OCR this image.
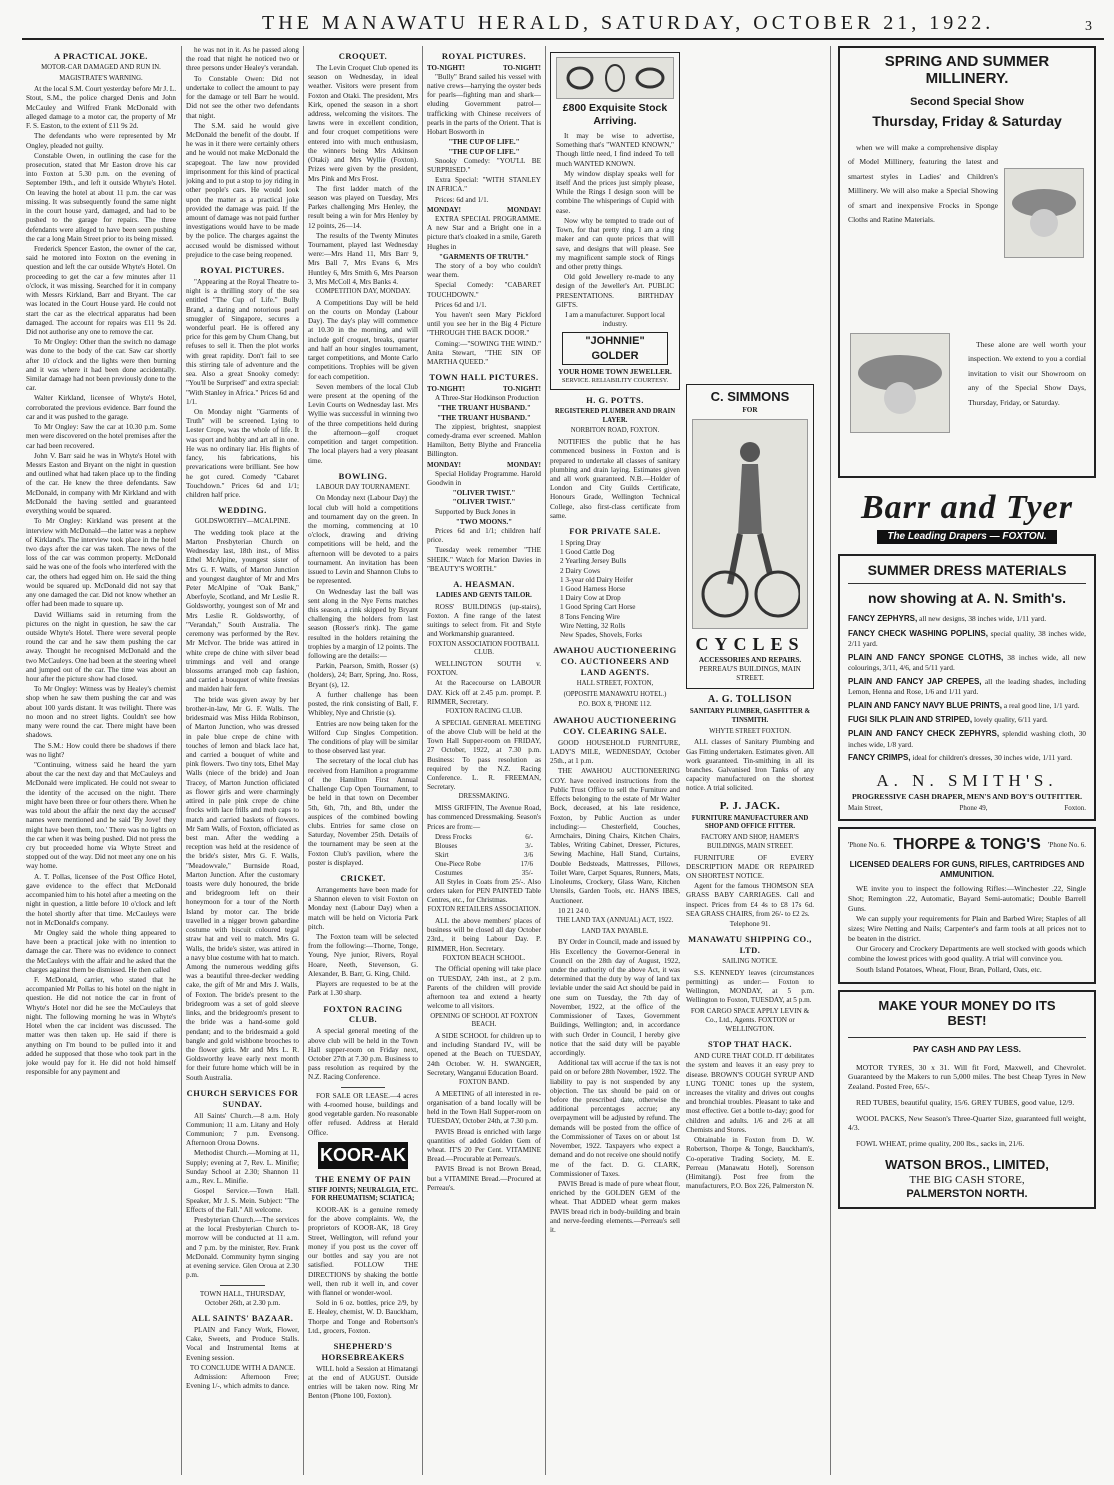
THE MANAWATU HERALD, SATURDAY, OCTOBER 21, 1922.	3
A PRACTICAL JOKE.
MOTOR-CAR DAMAGED AND RUN IN.
MAGISTRATE'S WARNING.

At the local S.M. Court yesterday before Mr J. L. Stout, S.M., the police charged Denis and John McCauley and Wilfred Frank McDonald with alleged damage to a motor car, the property of Mr F. S. Easton, to the extent of £11 9s 2d.

The defendants who were represented by Mr Ongley, pleaded not guilty.

Constable Owen, in outlining the case for the prosecution, stated that Mr Easton drove his car into Foxton at 5.30 p.m. on the evening of September 19th., and left it outside Whyte's Hotel. On leaving the hotel at about 11 p.m. the car was missing. It was subsequently found the same night in the court house yard, damaged, and had to be pushed to the garage for repairs. The three defendants were alleged to have been seen pushing the car a long Main Street prior to its being missed.

Frederick Spencer Easton, the owner of the car, said he motored into Foxton on the evening in question and left the car outside Whyte's Hotel. On proceeding to get the car a few minutes after 11 o'clock, it was missing. Searched for it in company with Messrs Kirkland, Barr and Bryant. The car was located in the Court House yard. He could not start the car as the electrical apparatus had been damaged. The account for repairs was £11 9s 2d. Did not authorise any one to remove the car.

To Mr Ongley: Other than the switch no damage was done to the body of the car. Saw car shortly after 10 o'clock and the lights were then burning and it was where it had been done accidentally. Similar damage had not been previously done to the car.

Walter Kirkland, licensee of Whyte's Hotel, corroborated the previous evidence. Barr found the car and it was pushed to the garage.

To Mr Ongley: Saw the car at 10.30 p.m. Some men were discovered on the hotel premises after the car had been recovered.

John V. Barr said he was in Whyte's Hotel with Messrs Easton and Bryant on the night in question and outlined what had taken place up to the finding of the car. He knew the three defendants. Saw McDonald, in company with Mr Kirkland and with McDonald the having settled and guaranteed everything would be squared.

To Mr Ongley: Kirkland was present at the interview with McDonald—the latter was a nephew of Kirkland's. The interview took place in the hotel two days after the car was taken. The news of the loss of the car was common property. McDonald said he was one of the fools who interfered with the car, the others had egged him on. He said the thing would be squared up. McDonald did not say that any one damaged the car. Did not know whether an offer had been made to square up.

David Williams said in returning from the pictures on the night in question, he saw the car outside Whyte's Hotel. There were several people round the car and he saw them pushing the car away. Thought he recognised McDonald and the two McCauleys. One had been at the steering wheel and jumped out of the car. The time was about an hour after the picture show had closed.

To Mr Ongley: Witness was by Healey's chemist shop when he saw them pushing the car and was about 100 yards distant. It was twilight. There was no moon and no street lights. Couldn't see how many were round the car. There might have been shadows.

The S.M.: How could there be shadows if there was no light?

"Continuing, witness said he heard the yarn about the car the next day and that McCauleys and McDonald were implicated. He could not swear to the identity of the accused on the night. There might have been three or four others there. When he was told about the affair the next day the accused' names were mentioned and he said 'By Jove! they might have been them, too.' There was no lights on the car when it was being pushed. Did not press the cry but proceeded home via Whyte Street and stopped out of the way. Did not meet any one on his way home.

A. T. Pollas, licensee of the Post Office Hotel, gave evidence to the effect that McDonald accompanied him to his hotel after a meeting on the night in question, a little before 10 o'clock and left the hotel shortly after that time. McCauleys were not in McDonald's company.

Mr Ongley said the whole thing appeared to have been a practical joke with no intention to damage the car. There was no evidence to connect the McCauleys with the affair and he asked that the charges against them be dismissed. He then called

F. McDonald, carrier, who stated that he accompanied Mr Pollas to his hotel on the night in question. He did not notice the car in front of Whyte's Hotel nor did he see the McCauleys that night. The following morning he was in Whyte's Hotel when the car incident was discussed. The matter was then taken up. He said if there is anything on I'm bound to be pulled into it and added he supposed that those who took part in the joke would pay for it. He did not hold himself responsible for any payment and

he was not in it. As he passed along the road that night he noticed two or three persons under Healey's verandah.

To Constable Owen: Did not undertake to collect the amount to pay for the damage or tell Barr he would. Did not see the other two defendants that night.

The S.M. said he would give McDonald the benefit of the doubt. If he was in it there were certainly others and he would not make McDonald the scapegoat. The law now provided imprisonment for this kind of practical joking and to put a stop to joy riding in other people's cars. He would look upon the matter as a practical joke provided the damage was paid. If the amount of damage was not paid further investigations would have to be made by the police. The charges against the accused would be dismissed without prejudice to the case being reopened.

ROYAL PICTURES.

"Appearing at the Royal Theatre to-night is a thrilling story of the sea entitled "The Cup of Life." Bully Brand, a daring and notorious pearl smuggler of Singapore, secures a wonderful pearl. He is offered any price for this gem by Chum Chang, but refuses to sell it. Then the plot works with great rapidity. Don't fail to see this stirring tale of adventure and the sea. Also a great Snooky comedy: "You'll be Surprised" and extra special: "With Stanley in Africa." Prices 6d and 1/1.

On Monday night "Garments of Truth" will be screened. Lying to Lester Crope, was the whole of life. It was sport and hobby and art all in one. He was no ordinary liar. His flights of fancy, his fabrications, his prevarications were brilliant. See how he got cured. Comedy "Cabaret Touchdown." Prices 6d and 1/1; children half price.

WEDDING.
GOLDSWORTHY—MCALPINE.

The wedding took place at the Marton Presbyterian Church on Wednesday last, 18th inst., of Miss Ethel McAlpine, youngest sister of Mrs G. F. Walls, of Marton Junction and youngest daughter of Mr and Mrs Peter McAlpine of "Oak Bank," Aberfoyle, Scotland, and Mr Leslie R. Goldsworthy, youngest son of Mr and Mrs Leslie R. Goldsworthy, of "Verandah," South Australia. The ceremony was performed by the Rev. Mr McIvor. The bride was attired in white crepe de chine with silver bead trimmings and veil and orange blossoms arranged mob cap fashion, and carried a bouquet of white freesias and maiden hair fern.

The bride was given away by her brother-in-law, Mr G. F. Walls. The bridesmaid was Miss Hilda Robinson, of Marton Junction, who was dressed in pale blue crepe de chine with touches of lemon and black lace hat, and carried a bouquet of white and pink flowers. Two tiny tots, Ethel May Walls (niece of the bride) and Joan Tracey, of Marton Junction officiated as flower girls and were charmingly attired in pale pink crepe de chine frocks with lace frills and mob caps to match and carried baskets of flowers. Mr Sam Walls, of Foxton, officiated as best man. After the wedding a reception was held at the residence of the bride's sister, Mrs G. F. Walls, "Meadowvale," Burnside Road, Marton Junction. After the customary toasts were duly honoured, the bride and bridegroom left on their honeymoon for a tour of the North Island by motor car. The bride travelled in a nigger brown gabardine costume with biscuit coloured tegal straw hat and veil to match. Mrs G. Walls, the bride's sister, was attired in a navy blue costume with hat to match. Among the numerous wedding gifts was a beautiful three-decker wedding cake, the gift of Mr and Mrs J. Walls, of Foxton. The bride's present to the bridegroom was a set of gold sleeve links, and the bridegroom's present to the bride was a hand-some gold pendant; and to the bridesmaid a gold bangle and gold wishbone brooches to the flower girls. Mr and Mrs L. R. Goldsworthy leave early next month for their future home which will be in South Australia.

CHURCH SERVICES FOR SUNDAY.

All Saints' Church.—8 a.m. Holy Communion; 11 a.m. Litany and Holy Communion; 7 p.m. Evensong. Afternoon Oroua Downs.

Methodist Church.—Morning at 11, Supply; evening at 7, Rev. L. Minifie; Sunday School at 2.30; Shannon 11 a.m., Rev. L. Minifie.

Gospel Service.—Town Hall. Speaker, Mr J. S. Mein. Subject: "The Effects of the Fall." All welcome.

Presbyterian Church.—The services at the local Presbyterian Church to-morrow will be conducted at 11 a.m. and 7 p.m. by the minister, Rev. Frank McDonald. Community hymn singing at evening service. Glen Oroua at 2.30 p.m.

TOWN HALL, THURSDAY,
October 26th, at 2.30 p.m.
ALL SAINTS' BAZAAR.

PLAIN and Fancy Work, Flower, Cake, Sweets, and Produce Stalls. Vocal and Instrumental Items at Evening session.

TO CONCLUDE WITH A DANCE.

Admission: Afternoon Free; Evening 1/-, which admits to dance.

CROQUET.

The Levin Croquet Club opened its season on Wednesday, in ideal weather. Visitors were present from Foxton and Otaki. The president, Mrs Kirk, opened the season in a short address, welcoming the visitors. The lawns were in excellent condition, and four croquet competitions were entered into with much enthusiasm, the winners being Mrs Atkinson (Otaki) and Mrs Wyllie (Foxton). Prizes were given by the president, Mrs Pink and Mrs Frost.

The first ladder match of the season was played on Tuesday, Mrs Parkes challenging Mrs Henley, the result being a win for Mrs Henley by 12 points, 26—14.

The results of the Twenty Minutes Tournament, played last Wednesday were:—Mrs Hand 11, Mrs Barr 9, Mrs Ball 7, Mrs Evans 6, Mrs Huntley 6, Mrs Smith 6, Mrs Pearson 3, Mrs McColl 4, Mrs Banks 4.

COMPETITION DAY, MONDAY.

A Competitions Day will be held on the courts on Monday (Labour Day). The day's play will commence at 10.30 in the morning, and will include golf croquet, breaks, quarter and half an hour singles tournament, target competitions, and Monte Carlo competitions. Trophies will be given for each competition.

Seven members of the local Club were present at the opening of the Levin Courts on Wednesday last. Mrs Wyllie was successful in winning two of the three competitions held during the afternoon—golf croquet competition and target competition. The local players had a very pleasant time.

BOWLING.
LABOUR DAY TOURNAMENT.

On Monday next (Labour Day) the local club will hold a competitions and tournament day on the green. In the morning, commencing at 10 o'clock, drawing and driving competitions will be held, and the afternoon will be devoted to a pairs tournament. An invitation has been issued to Levin and Shannon Clubs to be represented.

On Wednesday last the ball was sent along in the Nye Ferns matches this season, a rink skipped by Bryant challenging the holders from last season (Rosser's rink). The game resulted in the holders retaining the trophies by a margin of 12 points. The following are the details:—

Parkin, Pearson, Smith, Rosser (s) (holders), 24; Barr, Spring, Jno. Ross, Bryant (s), 12.

A further challenge has been posted, the rink consisting of Ball, F. Whibley, Nye and Christie (s).

Entries are now being taken for the Wilford Cup Singles Competition. The conditions of play will be similar to those observed last year.

The secretary of the local club has received from Hamilton a programme of the Hamilton First Annual Challenge Cup Open Tournament, to be held in that town on December 5th, 6th, 7th, and 8th, under the auspices of the combined bowling clubs. Entries for same close on Saturday, November 25th. Details of the tournament may be seen at the Foxton Club's pavilion, where the poster is displayed.

CRICKET.

Arrangements have been made for a Shannon eleven to visit Foxton on Monday next (Labour Day) when a match will be held on Victoria Park pitch.

The Foxton team will be selected from the following:—Thorne, Tonge, Young, Nye junior, Rivers, Royal Hoare, Neeth, Stevenson, G. Alexander, B. Barr, G. King, Child.

Players are requested to be at the Park at 1.30 sharp.

FOXTON RACING CLUB.

A special general meeting of the above club will be held in the Town Hall supper-room on Friday next, October 27th at 7.30 p.m. Business to pass resolution as required by the N.Z. Racing Conference.

FOR SALE OR LEASE.—4 acres with 4-roomed house, buildings and good vegetable garden. No reasonable offer refused. Address at Herald Office.

KOOR-AK
THE ENEMY OF PAIN
STIFF JOINTS; NEURALGIA, ETC. FOR RHEUMATISM; SCIATICA;

KOOR-AK is a genuine remedy for the above complaints. We, the proprietors of KOOR-AK, 18 Grey Street, Wellington, will refund your money if you post us the cover off our bottles and say you are not satisfied. FOLLOW THE DIRECTIONS by shaking the bottle well, then rub it well in, and cover with flannel or wonder-wool.

Sold in 6 oz. bottles, price 2/9, by E. Healey, chemist, W. D. Bauckham, Thorpe and Tonge and Robertson's Ltd., grocers, Foxton.

SHEPHERD'S HORSEBREAKERS

WILL hold a Session at Himatangi at the end of AUGUST. Outside entries will be taken now. Ring Mr Benton (Phone 100, Foxton).

ROYAL PICTURES.
TO-NIGHT!	TO-NIGHT!

"Bully" Brand sailed his vessel with native crews—harrying the oyster beds for pearls—fighting man and shark—eluding Government patrol—trafficking with Chinese receivers of pearls in the parts of the Orient. That is Hobart Bosworth in

"THE CUP OF LIFE."
"THE CUP OF LIFE."

Snooky Comedy: "YOU'LL BE SURPRISED."

Extra Special: "WITH STANLEY IN AFRICA."

Prices: 6d and 1/1.

MONDAY!	MONDAY!

EXTRA SPECIAL PROGRAMME. A new Star and a Bright one in a picture that's cloaked in a smile, Gareth Hughes in

"GARMENTS OF TRUTH."

The story of a boy who couldn't wear them.

Special Comedy: "CABARET TOUCHDOWN."

Prices 6d and 1/1.

You haven't seen Mary Pickford until you see her in the Big 4 Picture "THROUGH THE BACK DOOR."

Coming:—"SOWING THE WIND." Anita Stewart, "THE SIN OF MARTHA QUEED."

TOWN HALL PICTURES.
TO-NIGHT!	TO-NIGHT!

A Three-Star Hodkinson Production

"THE TRUANT HUSBAND."
"THE TRUANT HUSBAND."

The zippiest, brightest, snappiest comedy-drama ever screened. Mahlon Hamilton, Betty Blythe and Francelia Billington.

MONDAY!	MONDAY!

Special Holiday Programme. Harold Goodwin in

"OLIVER TWIST."
"OLIVER TWIST."

Supported by Buck Jones in

"TWO MOONS."

Prices 6d and 1/1; children half price.

Tuesday week remember "THE SHEIK." Watch for Marion Davies in "BEAUTY'S WORTH."

A. HEASMAN.
LADIES AND GENTS TAILOR.

ROSS' BUILDINGS (up-stairs), Foxton. A fine range of the latest suitings to select from. Fit and Style and Workmanship guaranteed.

FOXTON ASSOCIATION FOOTBALL CLUB.

WELLINGTON SOUTH v. FOXTON.

At the Racecourse on LABOUR DAY. Kick off at 2.45 p.m. prompt. P. RIMMER, Secretary.

FOXTON RACING CLUB.

A SPECIAL GENERAL MEETING of the above Club will be held at the Town Hall Supper-room on FRIDAY, 27 October, 1922, at 7.30 p.m. Business: To pass resolution as required by the N.Z. Racing Conference. L. R. FREEMAN, Secretary.

DRESSMAKING.

MISS GRIFFIN, The Avenue Road, has commenced Dressmaking. Season's Prices are from:—

Dress Frocks	6/-
Blouses	3/-
Skirt	3/6
One-Piece Robe	17/6
Costumes	35/-

All Styles in Coats from 25/-. Also orders taken for PEN PAINTED Table Centres, etc., for Christmas.

FOXTON RETAILERS ASSOCIATION.

ALL the above members' places of business will be closed all day October 23rd., it being Labour Day. P. RIMMER, Hon. Secretary.

FOXTON BEACH SCHOOL.

The Official opening will take place on TUESDAY, 24th inst., at 2 p.m. Parents of the children will provide afternoon tea and extend a hearty welcome to all visitors.

OPENING OF SCHOOL AT FOXTON BEACH.

A SIDE SCHOOL for children up to and including Standard IV., will be opened at the Beach on TUESDAY, 24th October. W. H. SWANGER, Secretary, Wanganui Education Board.

FOXTON BAND.

A MEETING of all interested in re-organisation of a band locally will be held in the Town Hall Supper-room on TUESDAY, October 24th, at 7.30 p.m.

PAVIS Bread is enriched with large quantities of added Golden Gem of wheat. IT'S 20 Per Cent. VITAMINE Bread.—Procurable at Perreau's.

PAVIS Bread is not Brown Bread, but a VITAMINE Bread.—Procured at Perreau's.

£800 Exquisite Stock Arriving.

It may be wise to advertise, Something that's "WANTED KNOWN," Though little need, I find indeed To tell much WANTED KNOWN.

My window display speaks well for itself And the prices just simply please, While the Rings I design soon will be combine The whisperings of Cupid with ease.

Now why be tempted to trade out of Town, for that pretty ring. I am a ring maker and can quote prices that will save, and designs that will please. See my magnificent sample stock of Rings and other pretty things.

Old gold Jewellery re-made to any design of the Jeweller's Art. PUBLIC PRESENTATIONS. BIRTHDAY GIFTS.

I am a manufacturer. Support local industry.

"JOHNNIE" GOLDER
YOUR HOME TOWN JEWELLER.
SERVICE. RELIABILITY COURTESY.
H. G. POTTS.
REGISTERED PLUMBER AND DRAIN LAYER.
NORBITON ROAD, FOXTON.

NOTIFIES the public that he has commenced business in Foxton and is prepared to undertake all classes of sanitary plumbing and drain laying. Estimates given and all work guaranteed. N.B.—Holder of London and City Guilds Certificate, Honours Grade, Wellington Technical College, also first-class certificate from same.

FOR PRIVATE SALE.
1 Spring Dray
1 Good Cattle Dog
2 Yearling Jersey Bulls
2 Dairy Cows
1 3-year old Dairy Heifer
1 Good Harness Horse
1 Dairy Cow at Drop
1 Good Spring Cart Horse
8 Tons Fencing Wire
Wire Netting, 32 Rolls
New Spades, Shovels, Forks
AWAHOU AUCTIONEERING CO. AUCTIONEERS AND LAND AGENTS.
HALL STREET, FOXTON,
(OPPOSITE MANAWATU HOTEL.)
P.O. BOX 8, 'PHONE 112.
AWAHOU AUCTIONEERING COY. CLEARING SALE.

GOOD HOUSEHOLD FURNITURE, LADY'S MILE, WEDNESDAY, October 25th., at 1 p.m.

THE AWAHOU AUCTIONEERING COY. have received instructions from the Public Trust Office to sell the Furniture and Effects belonging to the estate of Mr Walter Bock, deceased, at his late residence, Foxton, by Public Auction as under including:— Chesterfield, Couches, Armchairs, Dining Chairs, Kitchen Chairs, Tables, Writing Cabinet, Dresser, Pictures, Sewing Machine, Hall Stand, Curtains, Double Bedsteads, Mattresses, Pillows, Toilet Ware, Carpet Squares, Runners, Mats, Linoleums, Crockery, Glass Ware, Kitchen Utensils, Garden Tools, etc. HANS IBES, Auctioneer.

10 21 24 0.

THE LAND TAX (ANNUAL) ACT, 1922.
LAND TAX PAYABLE.

BY Order in Council, made and issued by His Excellency the Governor-General in Council on the 28th day of August, 1922, under the authority of the above Act, it was determined that the duty by way of land tax leviable under the said Act should be paid in one sum on Tuesday, the 7th day of November, 1922, at the office of the Commissioner of Taxes, Government Buildings, Wellington; and, in accordance with such Order in Council, I hereby give notice that the said duty will be payable accordingly.

Additional tax will accrue if the tax is not paid on or before 28th November, 1922. The liability to pay is not suspended by any objection. The tax should be paid on or before the prescribed date, otherwise the additional percentages accrue; any overpayment will be adjusted by refund. The demands will be posted from the office of the Commissioner of Taxes on or about 1st November, 1922. Taxpayers who expect a demand and do not receive one should notify me of the fact. D. G. CLARK, Commissioner of Taxes.

PAVIS Bread is made of pure wheat flour, enriched by the GOLDEN GEM of the wheat. That ADDED wheat germ makes PAVIS bread rich in body-building and brain and nerve-feeding elements.—Perreau's sell it.

C. SIMMONS
FOR
CYCLES
ACCESSORIES AND REPAIRS.
PERREAU'S BUILDINGS, MAIN STREET.
A. G. TOLLISON
SANITARY PLUMBER, GASFITTER & TINSMITH.
WHYTE STREET FOXTON.

ALL classes of Sanitary Plumbing and Gas Fitting undertaken. Estimates given. All work guaranteed. Tin-smithing in all its branches. Galvanised Iron Tanks of any capacity manufactured on the shortest notice. A trial solicited.

P. J. JACK.
FURNITURE MANUFACTURER AND SHOP AND OFFICE FITTER.
FACTORY AND SHOP, HAMER'S BUILDINGS, MAIN STREET.

FURNITURE OF EVERY DESCRIPTION MADE OR REPAIRED ON SHORTEST NOTICE.

Agent for the famous THOMSON SEA GRASS BABY CARRIAGES. Call and inspect. Prices from £4 4s to £8 17s 6d. SEA GRASS CHAIRS, from 26/- to £2 2s.

Telephone 91.

MANAWATU SHIPPING CO., LTD.
SAILING NOTICE.

S.S. KENNEDY leaves (circumstances permitting) as under:— Foxton to Wellington, MONDAY, at 5 p.m. Wellington to Foxton, TUESDAY, at 5 p.m.

FOR CARGO SPACE APPLY LEVIN & Co., Ltd., Agents. FOXTON or WELLINGTON.

STOP THAT HACK.

AND CURE THAT COLD. IT debilitates the system and leaves it an easy prey to disease. BROWN'S COUGH SYRUP AND LUNG TONIC tones up the system, increases the vitality and drives out coughs and bronchial troubles. Pleasant to take and most effective. Get a bottle to-day; good for children and adults. 1/6 and 2/6 at all Chemists and Stores.

Obtainable in Foxton from D. W. Robertson, Thorpe & Tonge, Bauckham's, Co-operative Trading Society, M. E. Perreau (Manawatu Hotel), Sorenson (Himitangi). Post free from the manufacturers, P.O. Box 226, Palmerston N.

SPRING AND SUMMER MILLINERY.
Second Special Show
Thursday, Friday & Saturday

when we will make a comprehensive display of Model Millinery, featuring the latest and smartest styles in Ladies' and Children's Millinery. We will also make a Special Showing of smart and inexpensive Frocks in Sponge Cloths and Ratine Materials.

These alone are well worth your inspection. We extend to you a cordial invitation to visit our Showroom on any of the Special Show Days, Thursday, Friday, or Saturday.

Barr and Tyer
The Leading Drapers — FOXTON.
SUMMER DRESS MATERIALS
now showing at A. N. Smith's.
FANCY ZEPHYRS, all new designs, 38 inches wide, 1/11 yard.
FANCY CHECK WASHING POPLINS, special quality, 38 inches wide, 2/11 yard.
PLAIN AND FANCY SPONGE CLOTHS, 38 inches wide, all new colourings, 3/11, 4/6, and 5/11 yard.
PLAIN AND FANCY JAP CREPES, all the leading shades, including Lemon, Henna and Rose, 1/6 and 1/11 yard.
PLAIN AND FANCY NAVY BLUE PRINTS, a real good line, 1/1 yard.
FUGI SILK PLAIN AND STRIPED, lovely quality, 6/11 yard.
PLAIN AND FANCY CHECK ZEPHYRS, splendid washing cloth, 30 inches wide, 1/8 yard.
FANCY CRIMPS, ideal for children's dresses, 30 inches wide, 1/11 yard.
A. N. SMITH'S.
PROGRESSIVE CASH DRAPER, MEN'S AND BOY'S OUTFITTER.
Main Street,	Phone 49,	Foxton.
'Phone No. 6. THORPE & TONG'S 'Phone No. 6.
LICENSED DEALERS FOR GUNS, RIFLES, CARTRIDGES AND AMMUNITION.

WE invite you to inspect the following Rifles:—Winchester .22, Single Shot; Remington .22, Automatic, Bayard Semi-automatic; Double Barrell Guns.

We can supply your requirements for Plain and Barbed Wire; Staples of all sizes; Wire Netting and Nails; Carpenter's and farm tools at all prices not to be beaten in the district.

Our Grocery and Crockery Departments are well stocked with goods which combine the lowest prices with good quality. A trial will convince you.

South Island Potatoes, Wheat, Flour, Bran, Pollard, Oats, etc.

MAKE YOUR MONEY DO ITS BEST!
PAY CASH AND PAY LESS.

MOTOR TYRES, 30 x 31. Will fit Ford, Maxwell, and Chevrolet. Guaranteed by the Makers to run 5,000 miles. The best Cheap Tyres in New Zealand. Posted Free, 65/-.

RED TUBES, beautiful quality, 15/6. GREY TUBES, good value, 12/9.

WOOL PACKS, New Season's Three-Quarter Size, guaranteed full weight, 4/3.

FOWL WHEAT, prime quality, 200 lbs., sacks in, 21/6.

WATSON BROS., LIMITED,
THE BIG CASH STORE,
PALMERSTON NORTH.
